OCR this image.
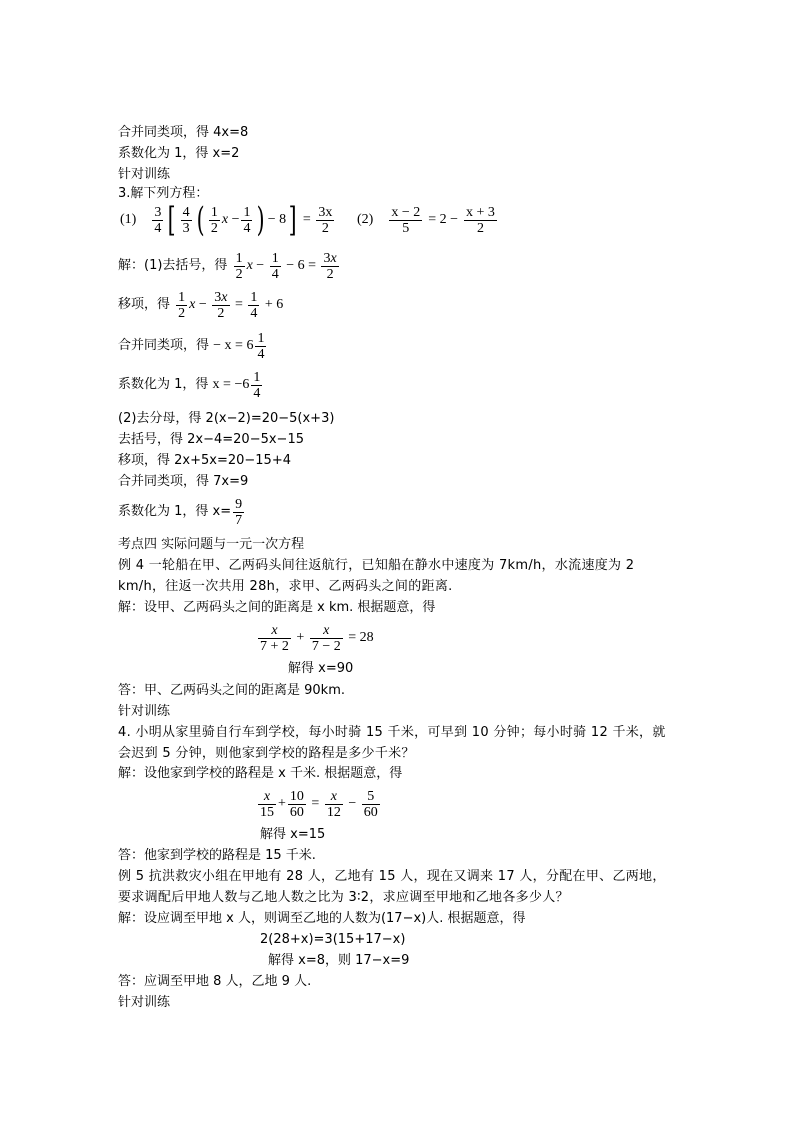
合并同类项，得 4x=8
系数化为 1，得 x=2
针对训练
3.解下列方程：
$(1) \frac{3}{4}$ [ $\frac{4}{3}$ ( $\frac{1}{2}$ $x - \frac{1}{4}$ ) − 8 ] = $\frac{3x}{2} (2) \frac{x - 2}{5} = 2 - \frac{x + 3}{2}$
解：(1)去括号，得
$\frac{1}{2}$ $x - \frac{1}{4} - 6 = \frac{3x}{2}$
移项，得
$\frac{1}{2}$ $x - \frac{3x}{2} = \frac{1}{4} + 6$
合并同类项，得
− $x = 6 \frac{1}{4}$
系数化为 1，得
$x = -6 \frac{1}{4}$
(2)去分母，得 2(x−2)=20−5(x+3)
去括号，得 2x−4=20−5x−15
移项，得 2x+5x=20−15+4
合并同类项，得 7x=9
系数化为 1，得 $x= \frac{9}{7}$
考点四 实际问题与一元一次方程
例 4 一轮船在甲、乙两码头间往返航行，已知船在静水中速度为 7km/h，水流速度为 2 km/h，往返一次共用 28h，求甲、乙两码头之间的距离.
解：设甲、乙两码头之间的距离是 x km. 根据题意，得
$\frac{x}{7 + 2} + \frac{x}{7 - 2}$
= 28
解得 x=90
答：甲、乙两码头之间的距离是 90km.
针对训练
4. 小明从家里骑自行车到学校，每小时骑 15 千米，可早到 10 分钟；每小时骑 12 千米，就会迟到 5 分钟，则他家到学校的路程是多少千米？
解：设他家到学校的路程是 x 千米. 根据题意，得
$\frac{x}{15} + \frac{10}{60} = \frac{x}{12} - \frac{5}{60}$
解得 x=15
答：他家到学校的路程是 15 千米.
例 5 抗洪救灾小组在甲地有 28 人，乙地有 15 人，现在又调来 17 人，分配在甲、乙两地，要求调配后甲地人数与乙地人数之比为 3∶2，求应调至甲地和乙地各多少人？
解：设应调至甲地 x 人，则调至乙地的人数为(17−x)人. 根据题意，得
2(28+x)=3(15+17−x)
解得 x=8，则 17−x=9
答：应调至甲地 8 人，乙地 9 人.
针对训练
